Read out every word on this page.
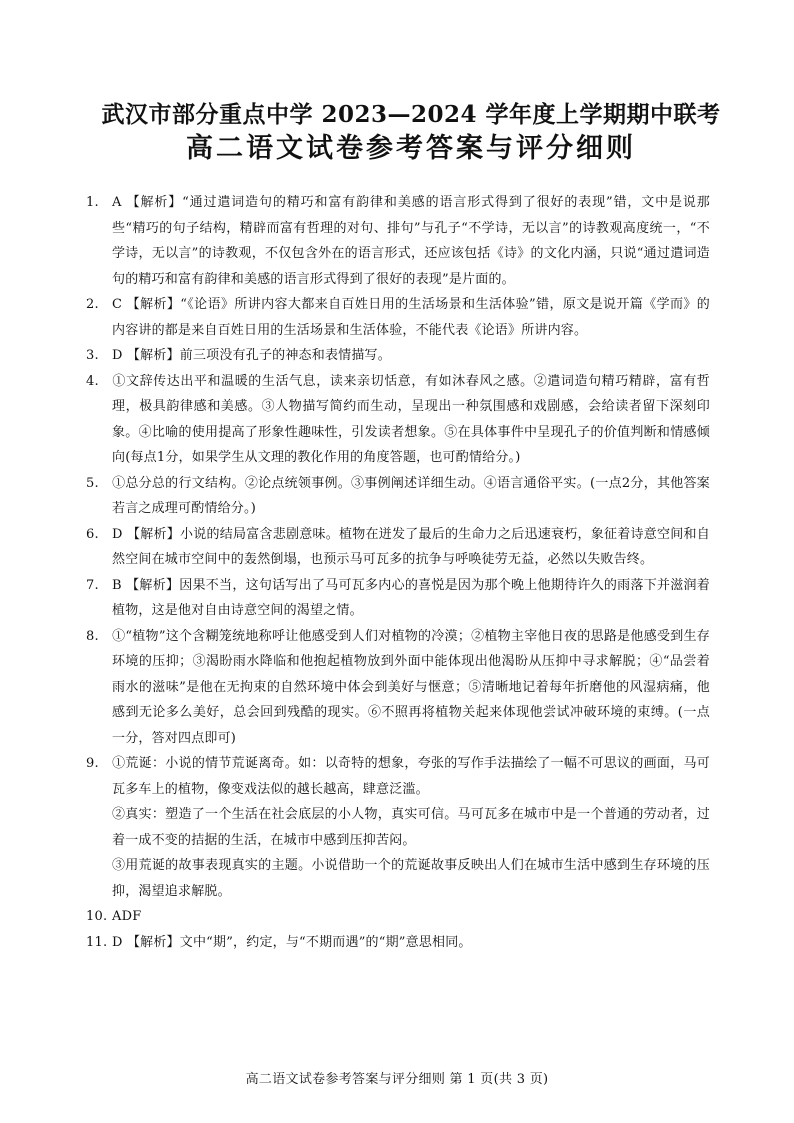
武汉市部分重点中学 2023—2024 学年度上学期期中联考
高二语文试卷参考答案与评分细则
1. A 【解析】“通过遣词造句的精巧和富有韵律和美感的语言形式得到了很好的表现”错，文中是说那些“精巧的句子结构，精辟而富有哲理的对句、排句”与孔子“不学诗，无以言”的诗教观高度统一，“不学诗，无以言”的诗教观，不仅包含外在的语言形式，还应该包括《诗》的文化内涵，只说“通过遣词造句的精巧和富有韵律和美感的语言形式得到了很好的表现”是片面的。
2. C 【解析】“《论语》所讲内容大都来自百姓日用的生活场景和生活体验”错，原文是说开篇《学而》的内容讲的都是来自百姓日用的生活场景和生活体验，不能代表《论语》所讲内容。
3. D 【解析】前三项没有孔子的神态和表情描写。
4. ①文辞传达出平和温暖的生活气息，读来亲切恬意，有如沐春风之感。②遣词造句精巧精辟，富有哲理，极具韵律感和美感。③人物描写简约而生动，呈现出一种氛围感和戏剧感，会给读者留下深刻印象。④比喻的使用提高了形象性趣味性，引发读者想象。⑤在具体事件中呈现孔子的价值判断和情感倾向(每点1分，如果学生从文理的教化作用的角度答题，也可酌情给分。)
5. ①总分总的行文结构。②论点统领事例。③事例阐述详细生动。④语言通俗平实。(一点2分，其他答案若言之成理可酌情给分。)
6. D 【解析】小说的结局富含悲剧意味。植物在迸发了最后的生命力之后迅速衰朽，象征着诗意空间和自然空间在城市空间中的轰然倒塌，也预示马可瓦多的抗争与呼唤徒劳无益，必然以失败告终。
7. B 【解析】因果不当，这句话写出了马可瓦多内心的喜悦是因为那个晚上他期待许久的雨落下并滋润着植物，这是他对自由诗意空间的渴望之情。
8. ①“植物”这个含糊笼统地称呼让他感受到人们对植物的冷漠；②植物主宰他日夜的思路是他感受到生存环境的压抑；③渴盼雨水降临和他抱起植物放到外面中能体现出他渴盼从压抑中寻求解脱；④“品尝着雨水的滋味”是他在无拘束的自然环境中体会到美好与惬意；⑤清晰地记着每年折磨他的风湿病痛，他感到无论多么美好，总会回到残酷的现实。⑥不照再将植物关起来体现他尝试冲破环境的束缚。(一点一分，答对四点即可)
9. ①荒诞：小说的情节荒诞离奇。如：以奇特的想象，夸张的写作手法描绘了一幅不可思议的画面，马可瓦多车上的植物，像变戏法似的越长越高，肆意泛滥。
②真实：塑造了一个生活在社会底层的小人物，真实可信。马可瓦多在城市中是一个普通的劳动者，过着一成不变的拮据的生活，在城市中感到压抑苦闷。
③用荒诞的故事表现真实的主题。小说借助一个的荒诞故事反映出人们在城市生活中感到生存环境的压抑，渴望追求解脱。
10. ADF
11. D 【解析】文中“期”，约定，与“不期而遇”的“期”意思相同。
高二语文试卷参考答案与评分细则 第 1 页(共 3 页)
